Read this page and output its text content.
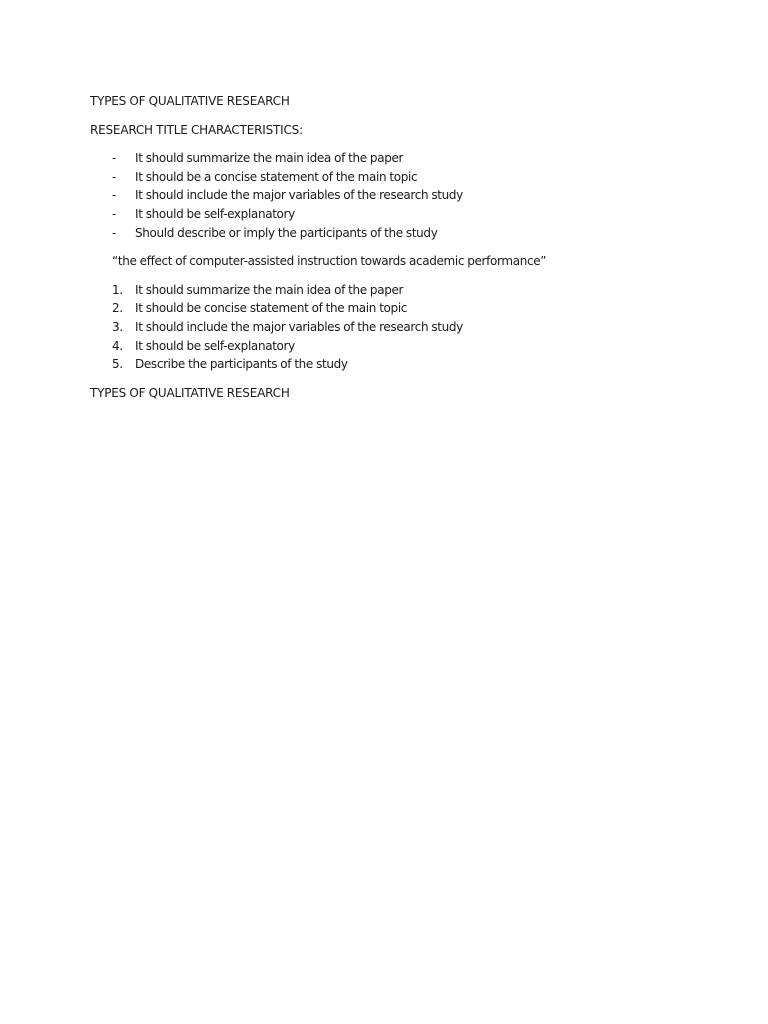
TYPES OF QUALITATIVE RESEARCH

RESEARCH TITLE CHARACTERISTICS:

-	It should summarize the main idea of the paper
-	It should be a concise statement of the main topic
-	It should include the major variables of the research study
-	It should be self-explanatory
-	Should describe or imply the participants of the study

“the effect of computer-assisted instruction towards academic performance”

1.	It should summarize the main idea of the paper
2.	It should be concise statement of the main topic
3.	It should include the major variables of the research study
4.	It should be self-explanatory
5.	Describe the participants of the study

TYPES OF QUALITATIVE RESEARCH
